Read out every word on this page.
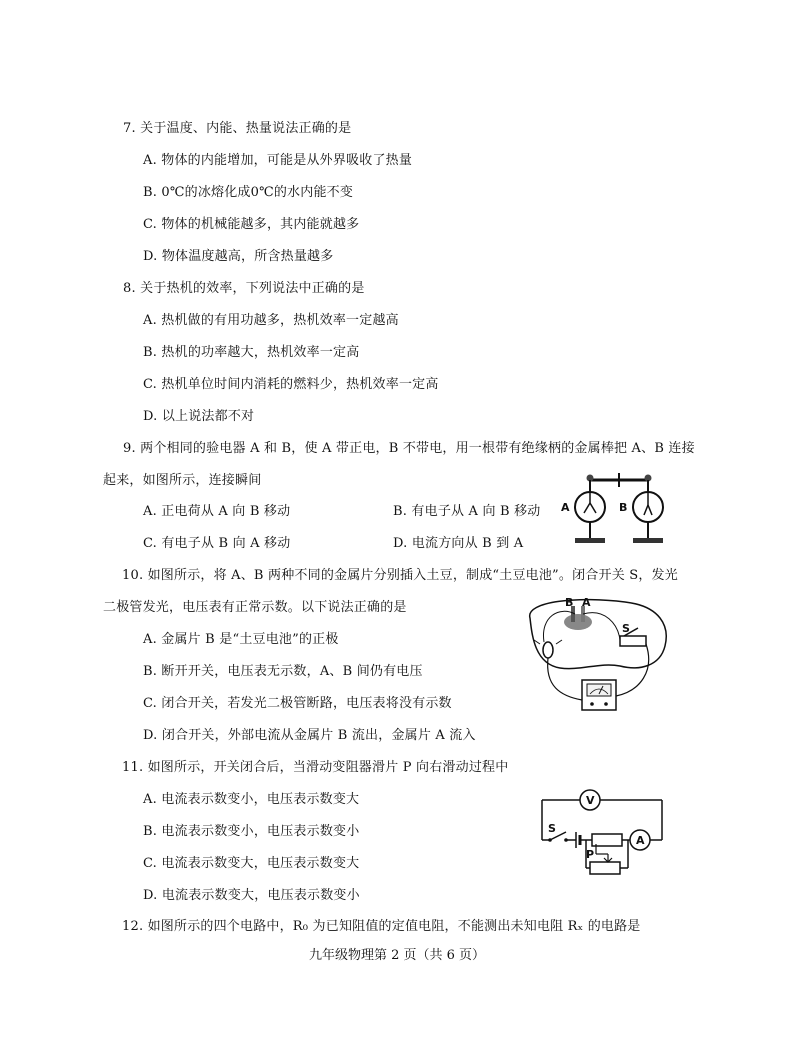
7. 关于温度、内能、热量说法正确的是
A. 物体的内能增加，可能是从外界吸收了热量
B. 0℃的冰熔化成0℃的水内能不变
C. 物体的机械能越多，其内能就越多
D. 物体温度越高，所含热量越多
8. 关于热机的效率，下列说法中正确的是
A. 热机做的有用功越多，热机效率一定越高
B. 热机的功率越大，热机效率一定高
C. 热机单位时间内消耗的燃料少，热机效率一定高
D. 以上说法都不对
9. 两个相同的验电器 A 和 B，使 A 带正电，B 不带电，用一根带有绝缘柄的金属棒把 A、B 连接
起来，如图所示，连接瞬间
A. 正电荷从 A 向 B 移动	B. 有电子从 A 向 B 移动
C. 有电子从 B 向 A 移动	D. 电流方向从 B 到 A
A	B
10. 如图所示，将 A、B 两种不同的金属片分别插入土豆，制成“土豆电池”。闭合开关 S，发光
二极管发光，电压表有正常示数。以下说法正确的是
A. 金属片 B 是“土豆电池”的正极
B. 断开开关，电压表无示数，A、B 间仍有电压
C. 闭合开关，若发光二极管断路，电压表将没有示数
D. 闭合开关，外部电流从金属片 B 流出，金属片 A 流入
B A
S
11. 如图所示，开关闭合后，当滑动变阻器滑片 P 向右滑动过程中
A. 电流表示数变小，电压表示数变大
B. 电流表示数变小，电压表示数变小
C. 电流表示数变大，电压表示数变大
D. 电流表示数变大，电压表示数变小
V
S
A
P
12. 如图所示的四个电路中，R₀ 为已知阻值的定值电阻，不能测出未知电阻 Rₓ 的电路是
九年级物理第 2 页（共 6 页）
